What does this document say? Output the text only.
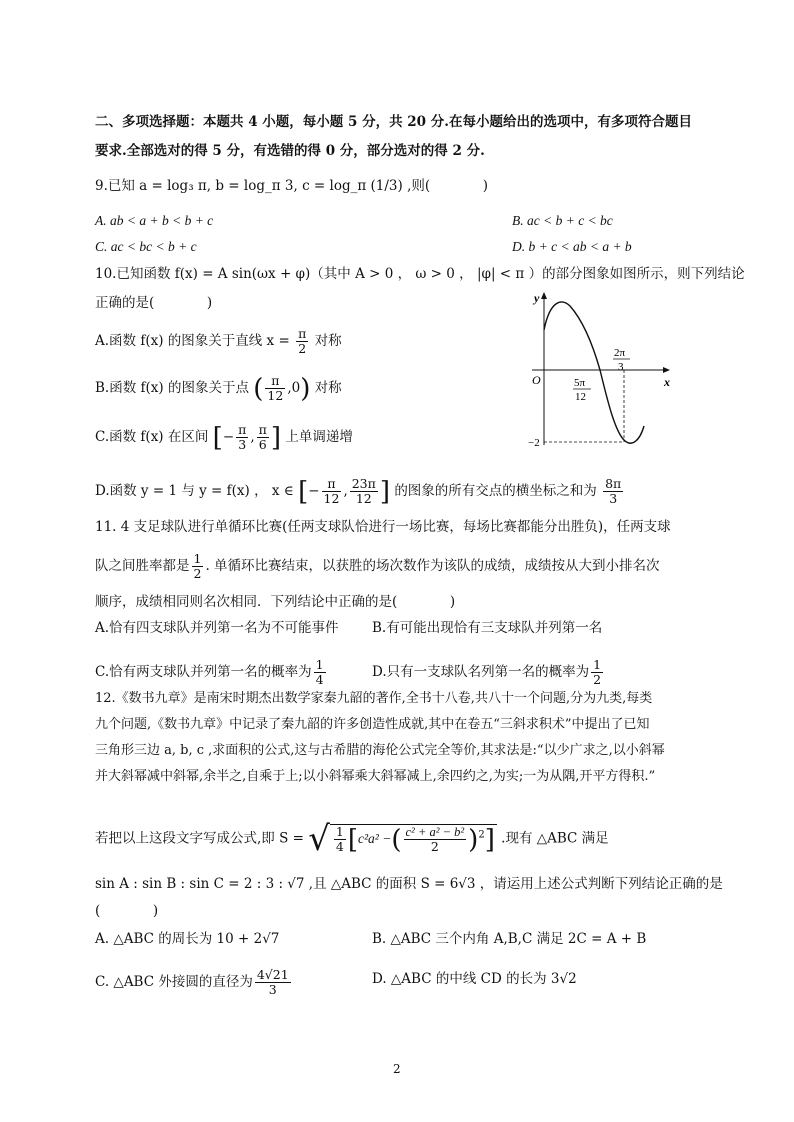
二、多项选择题：本题共 4 小题，每小题 5 分，共 20 分.在每小题给出的选项中，有多项符合题目
要求.全部选对的得 5 分，有选错的得 0 分，部分选对的得 2 分.
9.已知 a = log₃ π, b = log_π 3, c = log_π (1/3) ,则(	)
A. ab < a + b < b + c	B. ac < b + c < bc
C. ac < bc < b + c	D. b + c < ab < a + b
10.已知函数 f(x) = A sin(ωx + φ)（其中 A > 0 ， ω > 0 ， |φ| < π ）的部分图象如图所示，则下列结论
正确的是(	)
A.函数 f(x) 的图象关于直线 $x = \frac{\pi}{2}$ 对称
B.函数 f(x) 的图象关于点 ( $\frac{\pi}{12} ,0$) 对称
C.函数 f(x) 在区间 [− $\frac{\pi}{3}$ , $\frac{\pi}{6}$ ] 上单调递增
D.函数 y = 1 与 y = f(x) ， x ∈ [− $\frac{\pi}{12}$ , $\frac{23\pi}{12}$ ] 的图象的所有交点的横坐标之和为 $\frac{8\pi}{3}$
y
x
O	5π
12
2π
3
−2
11. 4 支足球队进行单循环比赛(任两支球队恰进行一场比赛，每场比赛都能分出胜负)，任两支球
队之间胜率都是 $\frac{1}{2}$ . 单循环比赛结束，以获胜的场次数作为该队的成绩，成绩按从大到小排名次
顺序，成绩相同则名次相同．下列结论中正确的是(	)
A.恰有四支球队并列第一名为不可能事件 B.有可能出现恰有三支球队并列第一名
C.恰有两支球队并列第一名的概率为 $\frac{1}{4}$	D.只有一支球队名列第一名的概率为 $\frac{1}{2}$
12.《数书九章》是南宋时期杰出数学家秦九韶的著作,全书十八卷,共八十一个问题,分为九类,每类
九个问题,《数书九章》中记录了秦九韶的许多创造性成就,其中在卷五“三斜求积术”中提出了已知
三角形三边 a, b, c ,求面积的公式,这与古希腊的海伦公式完全等价,其求法是:“以少广求之,以小斜幂
并大斜幂减中斜幂,余半之,自乘于上;以小斜幂乘大斜幂减上,余四约之,为实;一为从隅,开平方得积.”
若把以上这段文字写成公式,即 S = √ $\frac{1}{4} [c^2a^2$ −( $\frac{\text{c² + a² − b²}}{2} )^2$] .现有 △ABC 满足
sin A : sin B : sin C = 2 : 3 : √7 ,且 △ABC 的面积 S = 6√3 ，请运用上述公式判断下列结论正确的是
(	)
A. △ABC 的周长为 10 + 2√7	B. △ABC 三个内角 A,B,C 满足 2C = A + B
C. △ABC 外接圆的直径为 $\frac{4√21}{3}$	D. △ABC 的中线 CD 的长为 3√2
2
